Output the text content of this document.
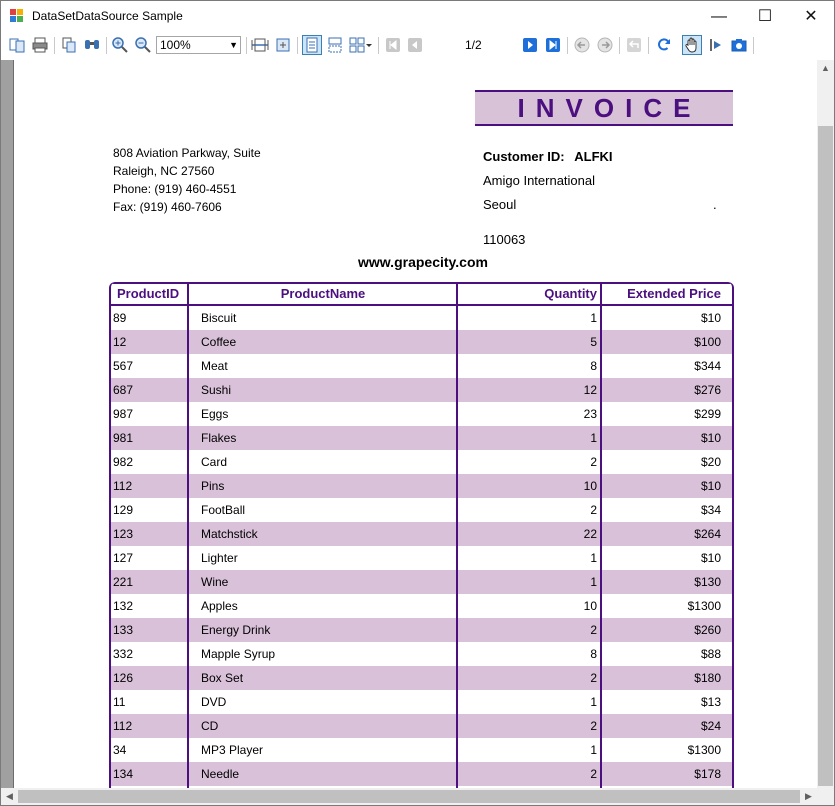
DataSetDataSource Sample	—	☐	✕
100%	▼	1/2
INVOICE
808 Aviation Parkway, Suite
Raleigh, NC 27560
Phone: (919) 460-4551
Fax: (919) 460-7606
Customer ID: ALFKI
Amigo International
Seoul	.
110063
www.grapecity.com
ProductID	ProductName	Quantity	Extended Price
89	Biscuit	1	$10
12	Coffee	5	$100
567	Meat	8	$344
687	Sushi	12	$276
987	Eggs	23	$299
981	Flakes	1	$10
982	Card	2	$20
112	Pins	10	$10
129	FootBall	2	$34
123	Matchstick	22	$264
127	Lighter	1	$10
221	Wine	1	$130
132	Apples	10	$1300
133	Energy Drink	2	$260
332	Mapple Syrup	8	$88
126	Box Set	2	$180
11	DVD	1	$13
112	CD	2	$24
34	MP3 Player	1	$1300
134	Needle	2	$178
▲
◀	▶
